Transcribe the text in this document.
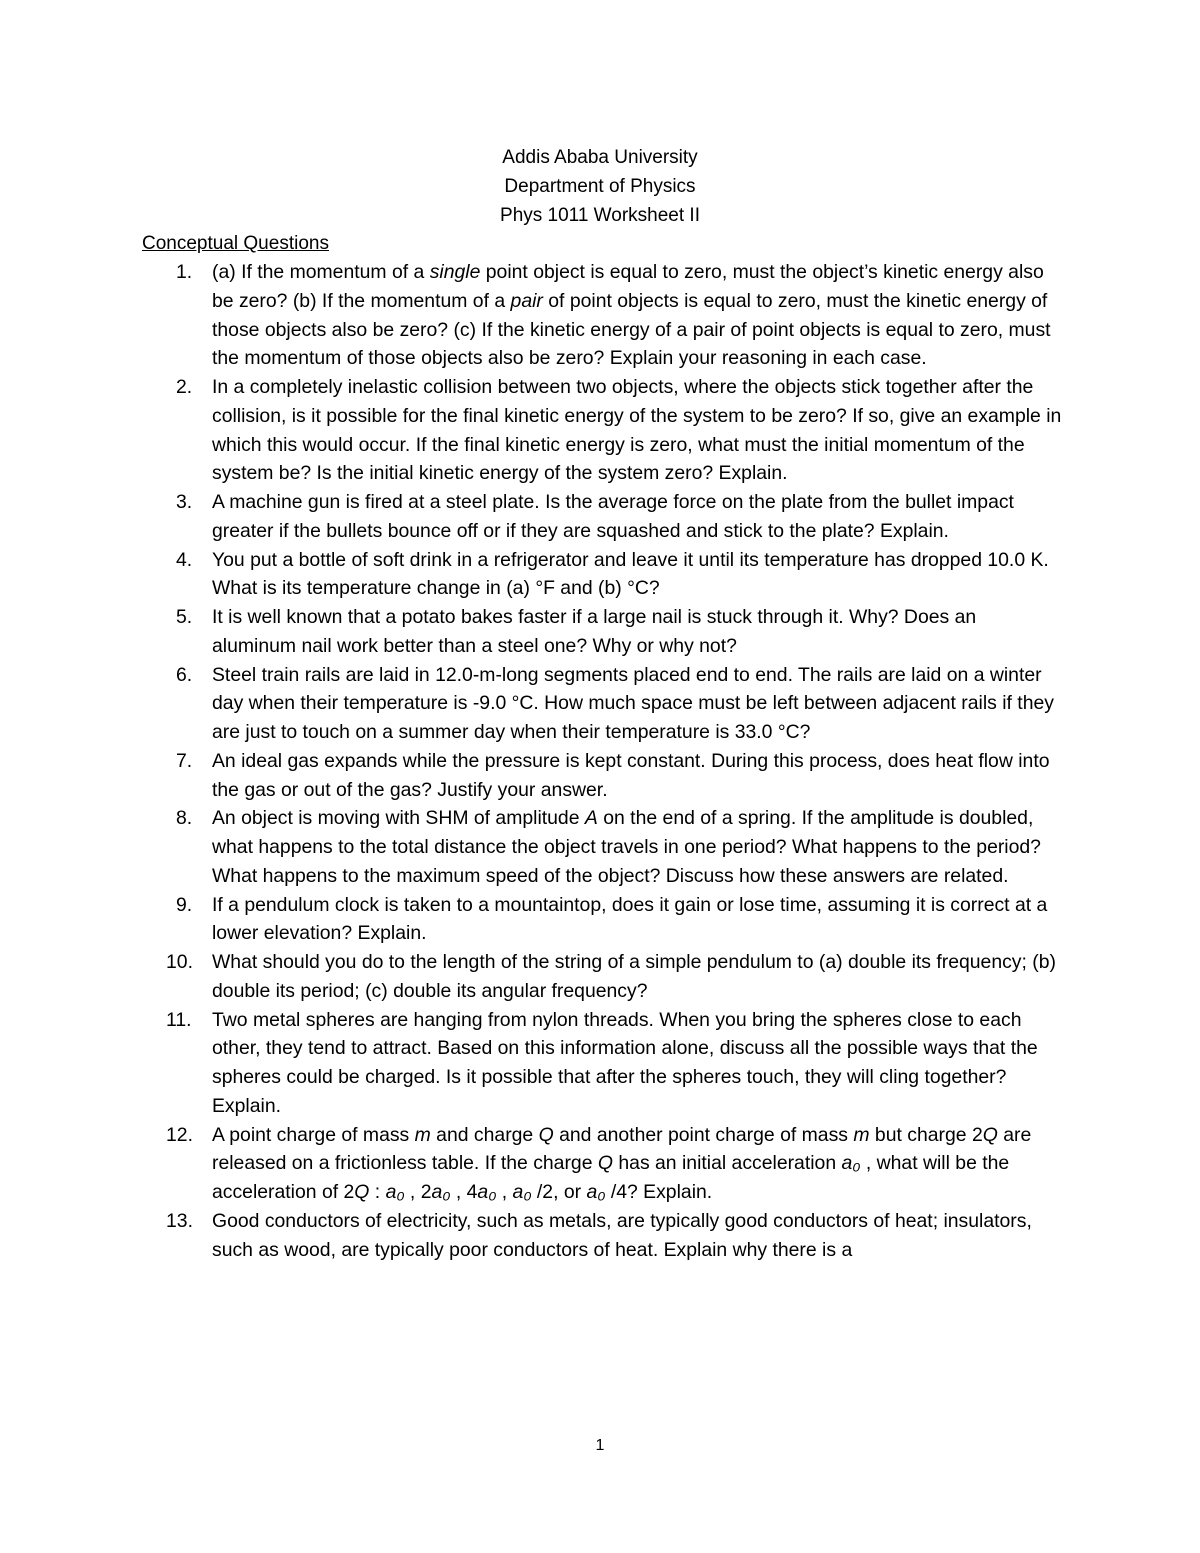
Addis Ababa University
Department of Physics
Phys 1011 Worksheet II
Conceptual Questions
1. (a) If the momentum of a single point object is equal to zero, must the object’s kinetic energy also be zero? (b) If the momentum of a pair of point objects is equal to zero, must the kinetic energy of those objects also be zero? (c) If the kinetic energy of a pair of point objects is equal to zero, must the momentum of those objects also be zero? Explain your reasoning in each case.
2. In a completely inelastic collision between two objects, where the objects stick together after the collision, is it possible for the final kinetic energy of the system to be zero? If so, give an example in which this would occur. If the final kinetic energy is zero, what must the initial momentum of the system be? Is the initial kinetic energy of the system zero? Explain.
3. A machine gun is fired at a steel plate. Is the average force on the plate from the bullet impact greater if the bullets bounce off or if they are squashed and stick to the plate? Explain.
4. You put a bottle of soft drink in a refrigerator and leave it until its temperature has dropped 10.0 K. What is its temperature change in (a) °F and (b) °C?
5. It is well known that a potato bakes faster if a large nail is stuck through it. Why? Does an aluminum nail work better than a steel one? Why or why not?
6. Steel train rails are laid in 12.0-m-long segments placed end to end. The rails are laid on a winter day when their temperature is -9.0 °C. How much space must be left between adjacent rails if they are just to touch on a summer day when their temperature is 33.0 °C?
7. An ideal gas expands while the pressure is kept constant. During this process, does heat flow into the gas or out of the gas? Justify your answer.
8. An object is moving with SHM of amplitude A on the end of a spring. If the amplitude is doubled, what happens to the total distance the object travels in one period? What happens to the period? What happens to the maximum speed of the object? Discuss how these answers are related.
9. If a pendulum clock is taken to a mountaintop, does it gain or lose time, assuming it is correct at a lower elevation? Explain.
10. What should you do to the length of the string of a simple pendulum to (a) double its frequency; (b) double its period; (c) double its angular frequency?
11. Two metal spheres are hanging from nylon threads. When you bring the spheres close to each other, they tend to attract. Based on this information alone, discuss all the possible ways that the spheres could be charged. Is it possible that after the spheres touch, they will cling together? Explain.
12. A point charge of mass m and charge Q and another point charge of mass m but charge 2Q are released on a frictionless table. If the charge Q has an initial acceleration a₀ , what will be the acceleration of 2Q : a₀ , 2a₀ , 4a₀ , a₀ /2, or a₀ /4? Explain.
13. Good conductors of electricity, such as metals, are typically good conductors of heat; insulators, such as wood, are typically poor conductors of heat. Explain why there is a
1
